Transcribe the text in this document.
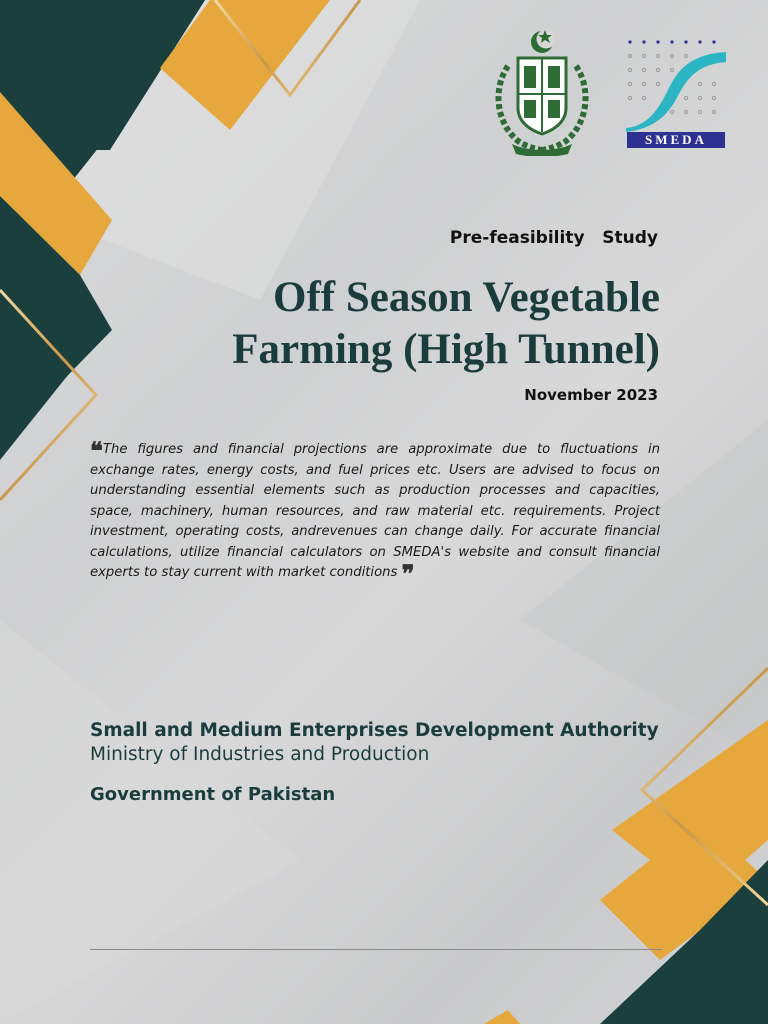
SMEDA
Pre-feasibility   Study
Off Season Vegetable
Farming (High Tunnel)
November 2023
❝The figures and financial projections are approximate due to fluctuations in exchange rates, energy costs, and fuel prices etc. Users are advised to focus on understanding essential elements such as production processes and capacities, space, machinery, human resources, and raw material etc. requirements. Project investment, operating costs, andrevenues can change daily. For accurate financial calculations, utilize financial calculators on SMEDA's website and consult financial experts to stay current with market conditions ❞
Small and Medium Enterprises Development Authority
Ministry of Industries and Production
Government of Pakistan
